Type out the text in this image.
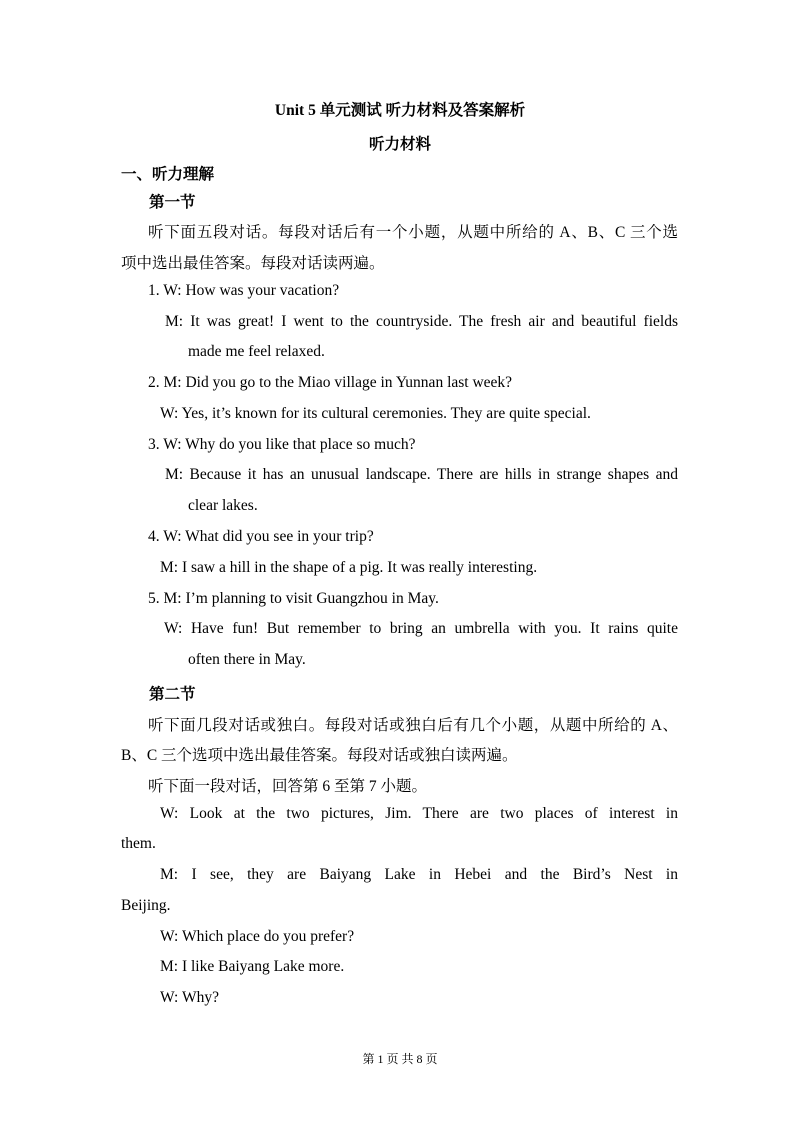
Unit 5 单元测试 听力材料及答案解析
听力材料
一、听力理解
第一节
听下面五段对话。每段对话后有一个小题，从题中所给的 A、B、C 三个选
项中选出最佳答案。每段对话读两遍。
1. W: How was your vacation?
M: It was great! I went to the countryside. The fresh air and beautiful fields
made me feel relaxed.
2. M: Did you go to the Miao village in Yunnan last week?
W: Yes, it’s known for its cultural ceremonies. They are quite special.
3. W: Why do you like that place so much?
M: Because it has an unusual landscape. There are hills in strange shapes and
clear lakes.
4. W: What did you see in your trip?
M: I saw a hill in the shape of a pig. It was really interesting.
5. M: I’m planning to visit Guangzhou in May.
W: Have fun! But remember to bring an umbrella with you. It rains quite
often there in May.
第二节
听下面几段对话或独白。每段对话或独白后有几个小题，从题中所给的 A、
B、C 三个选项中选出最佳答案。每段对话或独白读两遍。
听下面一段对话，回答第 6 至第 7 小题。
W: Look at the two pictures, Jim. There are two places of interest in
them.
M: I see, they are Baiyang Lake in Hebei and the Bird’s Nest in
Beijing.
W: Which place do you prefer?
M: I like Baiyang Lake more.
W: Why?
第 1 页 共 8 页
